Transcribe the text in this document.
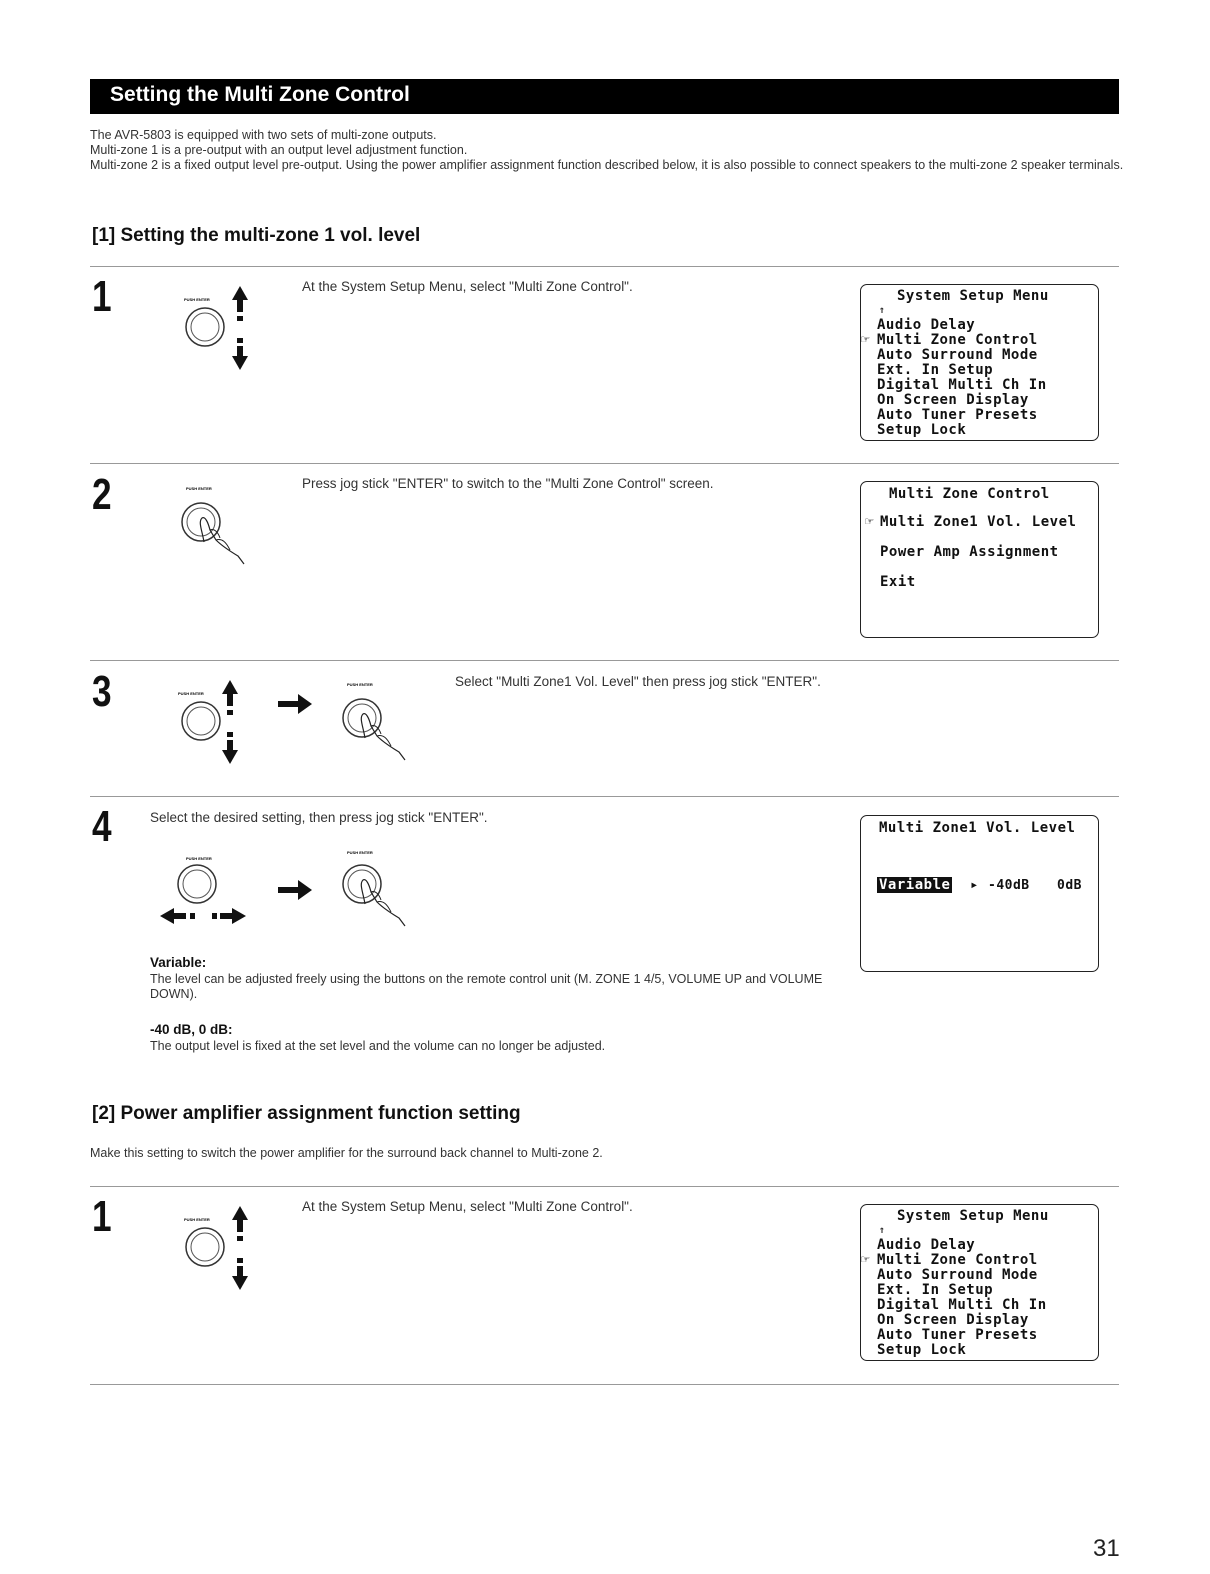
Setting the Multi Zone Control
The AVR-5803 is equipped with two sets of multi-zone outputs.
Multi-zone 1 is a pre-output with an output level adjustment function.
Multi-zone 2 is a fixed output level pre-output. Using the power amplifier assignment function described below, it is also possible to connect speakers to the multi-zone 2 speaker terminals.
[1] Setting the multi-zone 1 vol. level
1	PUSH ENTER
At the System Setup Menu, select "Multi Zone Control".
System Setup Menu
⇑
Audio Delay
☞ Multi Zone Control
Auto Surround Mode
Ext. In Setup
Digital Multi Ch In
On Screen Display
Auto Tuner Presets
Setup Lock
2	PUSH ENTER	Press jog stick "ENTER" to switch to the "Multi Zone Control" screen.
Multi Zone Control
☞ Multi Zone1 Vol. Level
Power Amp Assignment
Exit
3	PUSH ENTER
PUSH ENTER	Select "Multi Zone1 Vol. Level" then press jog stick "ENTER".
4	Select the desired setting, then press jog stick "ENTER".
PUSH ENTER
PUSH ENTER
Multi Zone1 Vol. Level
Variable ▸ -40dB 0dB
Variable:
The level can be adjusted freely using the buttons on the remote control unit (M. ZONE 1 4/5, VOLUME UP and VOLUME DOWN).
-40 dB, 0 dB:
The output level is fixed at the set level and the volume can no longer be adjusted.
[2] Power amplifier assignment function setting
Make this setting to switch the power amplifier for the surround back channel to Multi-zone 2.
1	PUSH ENTER
At the System Setup Menu, select "Multi Zone Control".
System Setup Menu
⇑
Audio Delay
☞ Multi Zone Control
Auto Surround Mode
Ext. In Setup
Digital Multi Ch In
On Screen Display
Auto Tuner Presets
Setup Lock
31
